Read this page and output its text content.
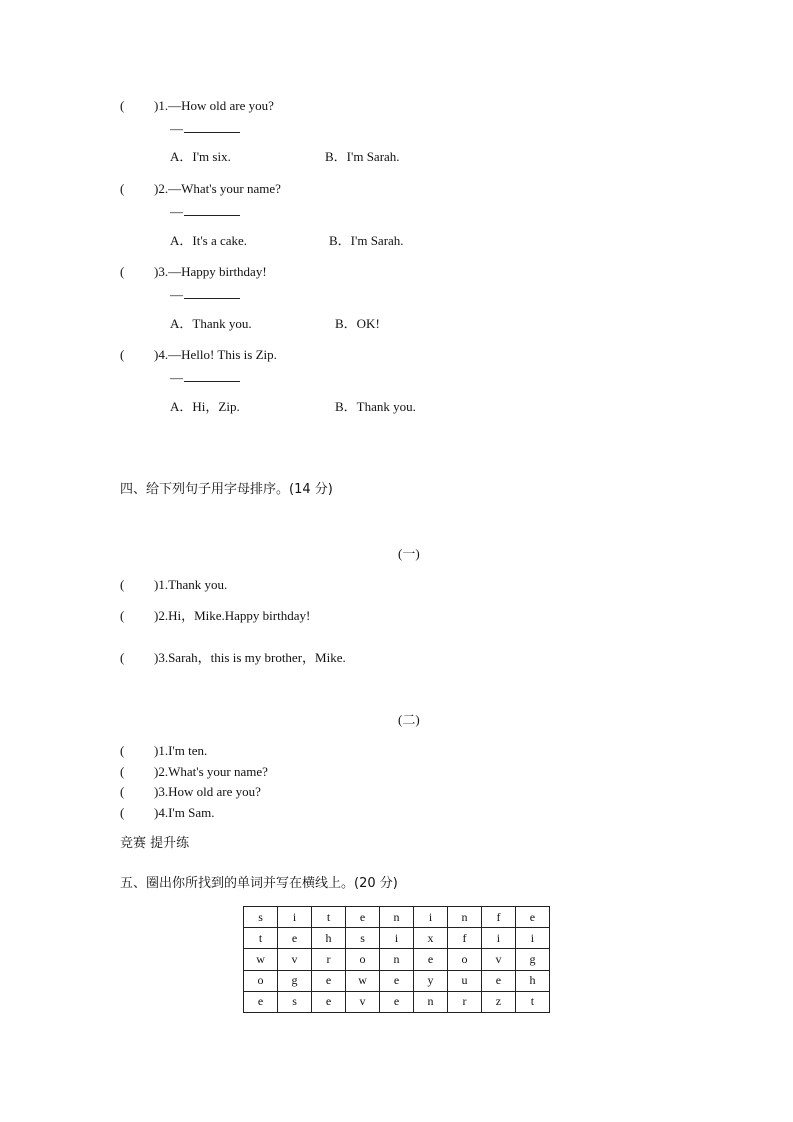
( )1.—How old are you?
—
A．I'm six.	B．I'm Sarah.
( )2.—What's your name?
—
A．It's a cake.	B．I'm Sarah.
( )3.—Happy birthday!
—
A．Thank you.	B．OK!
( )4.—Hello! This is Zip.
—
A．Hi，Zip.	B．Thank you.
四、给下列句子用字母排序。(14 分)
(一)
( )1.Thank you.
( )2.Hi，Mike.Happy birthday!
( )3.Sarah，this is my brother，Mike.
(二)
( )1.I'm ten.
( )2.What's your name?
( )3.How old are you?
( )4.I'm Sam.
竞赛 提升练
五、圈出你所找到的单词并写在横线上。(20 分)
s	i	t	e	n	i	n	f	e
t	e	h	s	i	x	f	i	i
w	v	r	o	n	e	o	v	g
o	g	e	w	e	y	u	e	h
e	s	e	v	e	n	r	z	t
